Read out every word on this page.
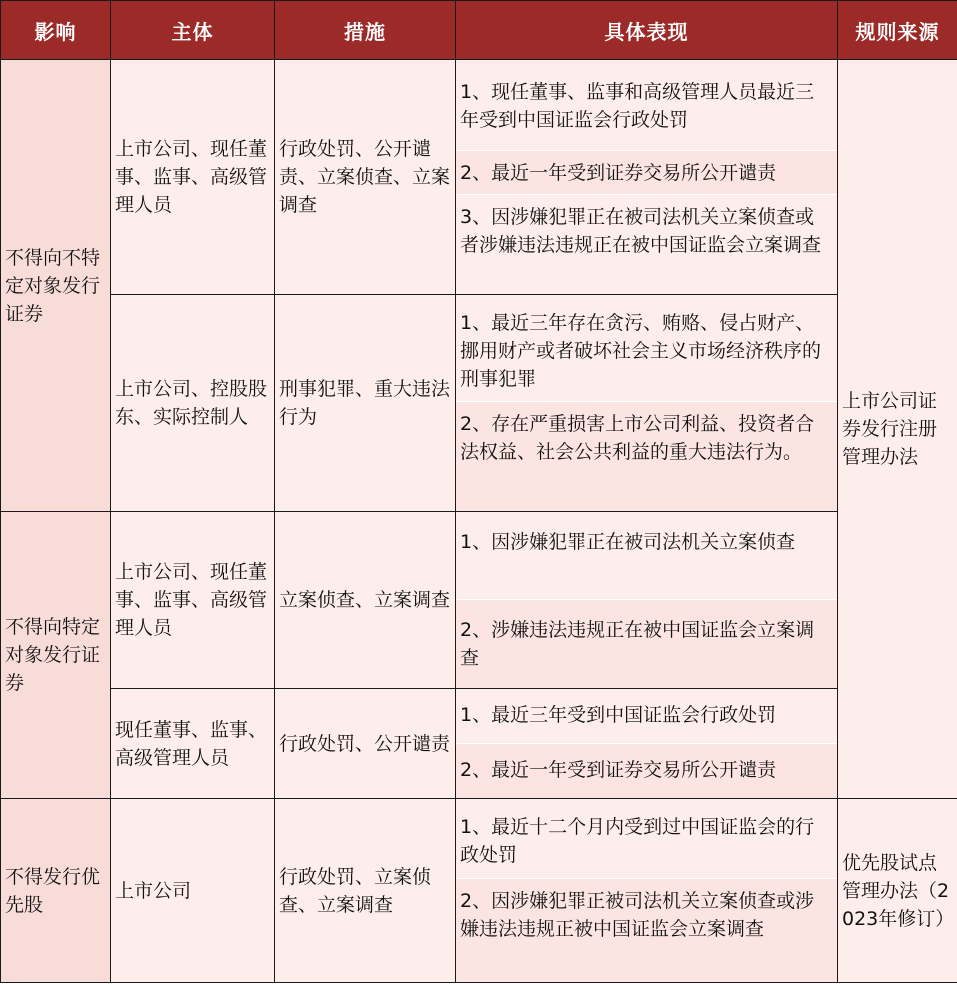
影响	主体	措施	具体表现	规则来源
不得向不特定对象发行证券	上市公司、现任董事、监事、高级管理人员	行政处罚、公开谴责、立案侦查、立案调查	1、现任董事、监事和高级管理人员最近三年受到中国证监会行政处罚
2、最近一年受到证券交易所公开谴责
3、因涉嫌犯罪正在被司法机关立案侦查或者涉嫌违法违规正在被中国证监会立案调查	上市公司证券发行注册管理办法
	上市公司、控股股东、实际控制人	刑事犯罪、重大违法行为	1、最近三年存在贪污、贿赂、侵占财产、挪用财产或者破坏社会主义市场经济秩序的刑事犯罪
2、存在严重损害上市公司利益、投资者合法权益、社会公共利益的重大违法行为。	

不得向特定对象发行证券	上市公司、现任董事、监事、高级管理人员	立案侦查、立案调查	1、因涉嫌犯罪正在被司法机关立案侦查
2、涉嫌违法违规正在被中国证监会立案调查	

	现任董事、监事、高级管理人员	行政处罚、公开谴责	1、最近三年受到中国证监会行政处罚
2、最近一年受到证券交易所公开谴责	

不得发行优先股	上市公司	行政处罚、立案侦查、立案调查	1、最近十二个月内受到过中国证监会的行政处罚
2、因涉嫌犯罪正被司法机关立案侦查或涉嫌违法违规正被中国证监会立案调查	优先股试点管理办法（2023年修订）
